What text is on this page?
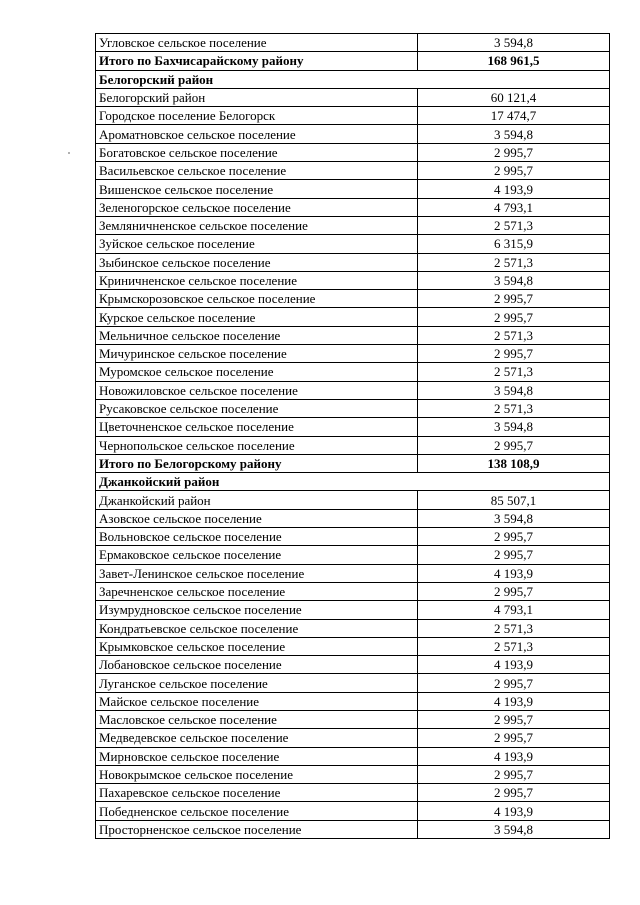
Угловское сельское поселение	3 594,8
Итого по Бахчисарайскому району	168 961,5
Белогорский район	
Белогорский район	60 121,4
Городское поселение Белогорск	17 474,7
Ароматновское сельское поселение	3 594,8
Богатовское сельское поселение	2 995,7
Васильевское сельское поселение	2 995,7
Вишенское сельское поселение	4 193,9
Зеленогорское сельское поселение	4 793,1
Земляничненское сельское поселение	2 571,3
Зуйское сельское поселение	6 315,9
Зыбинское сельское поселение	2 571,3
Криничненское сельское поселение	3 594,8
Крымскорозовское сельское поселение	2 995,7
Курское сельское поселение	2 995,7
Мельничное сельское поселение	2 571,3
Мичуринское сельское поселение	2 995,7
Муромское сельское поселение	2 571,3
Новожиловское сельское поселение	3 594,8
Русаковское сельское поселение	2 571,3
Цветочненское сельское поселение	3 594,8
Чернопольское сельское поселение	2 995,7
Итого по Белогорскому району	138 108,9
Джанкойский район	
Джанкойский район	85 507,1
Азовское сельское поселение	3 594,8
Вольновское сельское поселение	2 995,7
Ермаковское сельское поселение	2 995,7
Завет-Ленинское сельское поселение	4 193,9
Заречненское сельское поселение	2 995,7
Изумрудновское сельское поселение	4 793,1
Кондратьевское сельское поселение	2 571,3
Крымковское сельское поселение	2 571,3
Лобановское сельское поселение	4 193,9
Луганское сельское поселение	2 995,7
Майское сельское поселение	4 193,9
Масловское сельское поселение	2 995,7
Медведевское сельское поселение	2 995,7
Мирновское сельское поселение	4 193,9
Новокрымское сельское поселение	2 995,7
Пахаревское сельское поселение	2 995,7
Победненское сельское поселение	4 193,9
Просторненское сельское поселение	3 594,8
